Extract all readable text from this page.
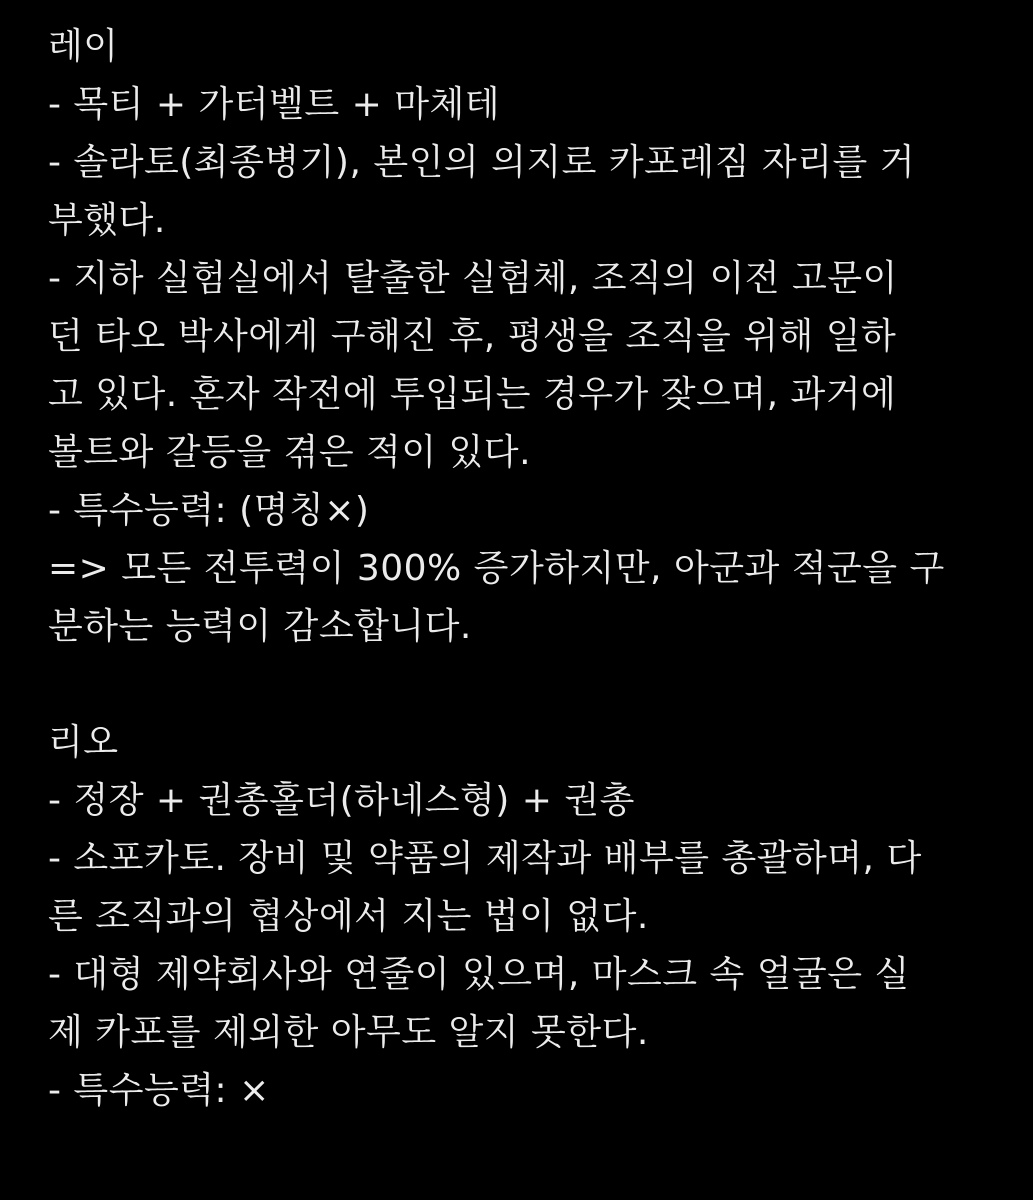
레이
- 목티 + 가터벨트 + 마체테
- 솔라토(최종병기), 본인의 의지로 카포레짐 자리를 거
부했다.
- 지하 실험실에서 탈출한 실험체, 조직의 이전 고문이
던 타오 박사에게 구해진 후, 평생을 조직을 위해 일하
고 있다. 혼자 작전에 투입되는 경우가 잦으며, 과거에
볼트와 갈등을 겪은 적이 있다.
- 특수능력: (명칭×)
=> 모든 전투력이 300% 증가하지만, 아군과 적군을 구
분하는 능력이 감소합니다.
리오
- 정장 + 권총홀더(하네스형) + 권총
- 소포카토. 장비 및 약품의 제작과 배부를 총괄하며, 다
른 조직과의 협상에서 지는 법이 없다.
- 대형 제약회사와 연줄이 있으며, 마스크 속 얼굴은 실
제 카포를 제외한 아무도 알지 못한다.
- 특수능력: ×
